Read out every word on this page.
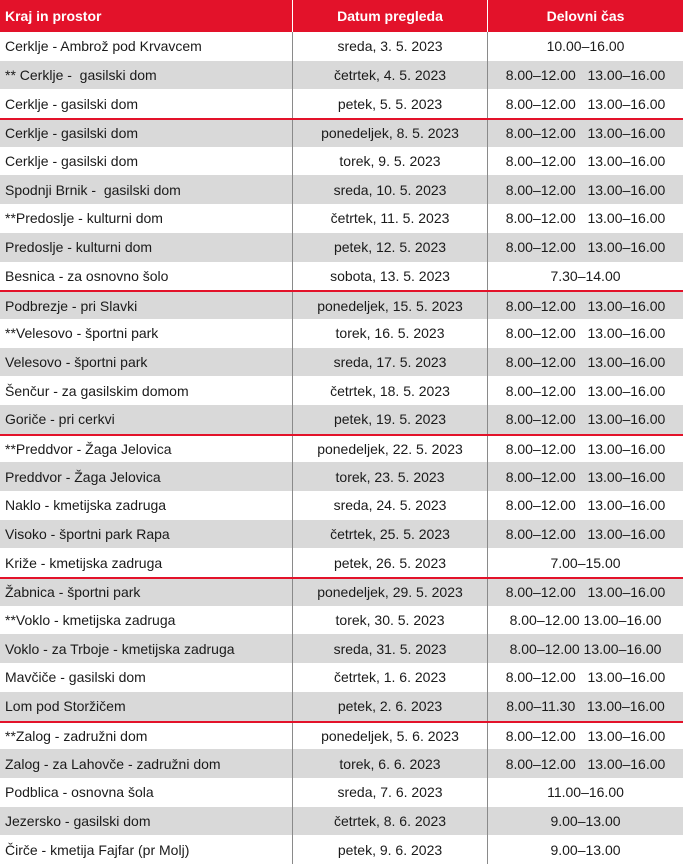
Kraj in prostor	Datum pregleda	Delovni čas
Cerklje - Ambrož pod Krvavcem	sreda, 3. 5. 2023	10.00–16.00
** Cerklje -  gasilski dom	četrtek, 4. 5. 2023	8.00–12.00   13.00–16.00
Cerklje - gasilski dom	petek, 5. 5. 2023	8.00–12.00   13.00–16.00
Cerklje - gasilski dom	ponedeljek, 8. 5. 2023	8.00–12.00   13.00–16.00
Cerklje - gasilski dom	torek, 9. 5. 2023	8.00–12.00   13.00–16.00
Spodnji Brnik -  gasilski dom	sreda, 10. 5. 2023	8.00–12.00   13.00–16.00
**Predoslje - kulturni dom	četrtek, 11. 5. 2023	8.00–12.00   13.00–16.00
Predoslje - kulturni dom	petek, 12. 5. 2023	8.00–12.00   13.00–16.00
Besnica - za osnovno šolo	sobota, 13. 5. 2023	7.30–14.00
Podbrezje - pri Slavki	ponedeljek, 15. 5. 2023	8.00–12.00   13.00–16.00
**Velesovo - športni park	torek, 16. 5. 2023	8.00–12.00   13.00–16.00
Velesovo - športni park	sreda, 17. 5. 2023	8.00–12.00   13.00–16.00
Šenčur - za gasilskim domom	četrtek, 18. 5. 2023	8.00–12.00   13.00–16.00
Goriče - pri cerkvi	petek, 19. 5. 2023	8.00–12.00   13.00–16.00
**Preddvor - Žaga Jelovica	ponedeljek, 22. 5. 2023	8.00–12.00   13.00–16.00
Preddvor - Žaga Jelovica	torek, 23. 5. 2023	8.00–12.00   13.00–16.00
Naklo - kmetijska zadruga	sreda, 24. 5. 2023	8.00–12.00   13.00–16.00
Visoko - športni park Rapa	četrtek, 25. 5. 2023	8.00–12.00   13.00–16.00
Križe - kmetijska zadruga	petek, 26. 5. 2023	7.00–15.00
Žabnica - športni park	ponedeljek, 29. 5. 2023	8.00–12.00   13.00–16.00
**Voklo - kmetijska zadruga	torek, 30. 5. 2023	8.00–12.00 13.00–16.00
Voklo - za Trboje - kmetijska zadruga	sreda, 31. 5. 2023	8.00–12.00 13.00–16.00
Mavčiče - gasilski dom	četrtek, 1. 6. 2023	8.00–12.00   13.00–16.00
Lom pod Storžičem	petek, 2. 6. 2023	8.00–11.30   13.00–16.00
**Zalog - zadružni dom	ponedeljek, 5. 6. 2023	8.00–12.00   13.00–16.00
Zalog - za Lahovče - zadružni dom	torek, 6. 6. 2023	8.00–12.00   13.00–16.00
Podblica - osnovna šola	sreda, 7. 6. 2023	11.00–16.00
Jezersko - gasilski dom	četrtek, 8. 6. 2023	9.00–13.00
Čirče - kmetija Fajfar (pr Molj)	petek, 9. 6. 2023	9.00–13.00
